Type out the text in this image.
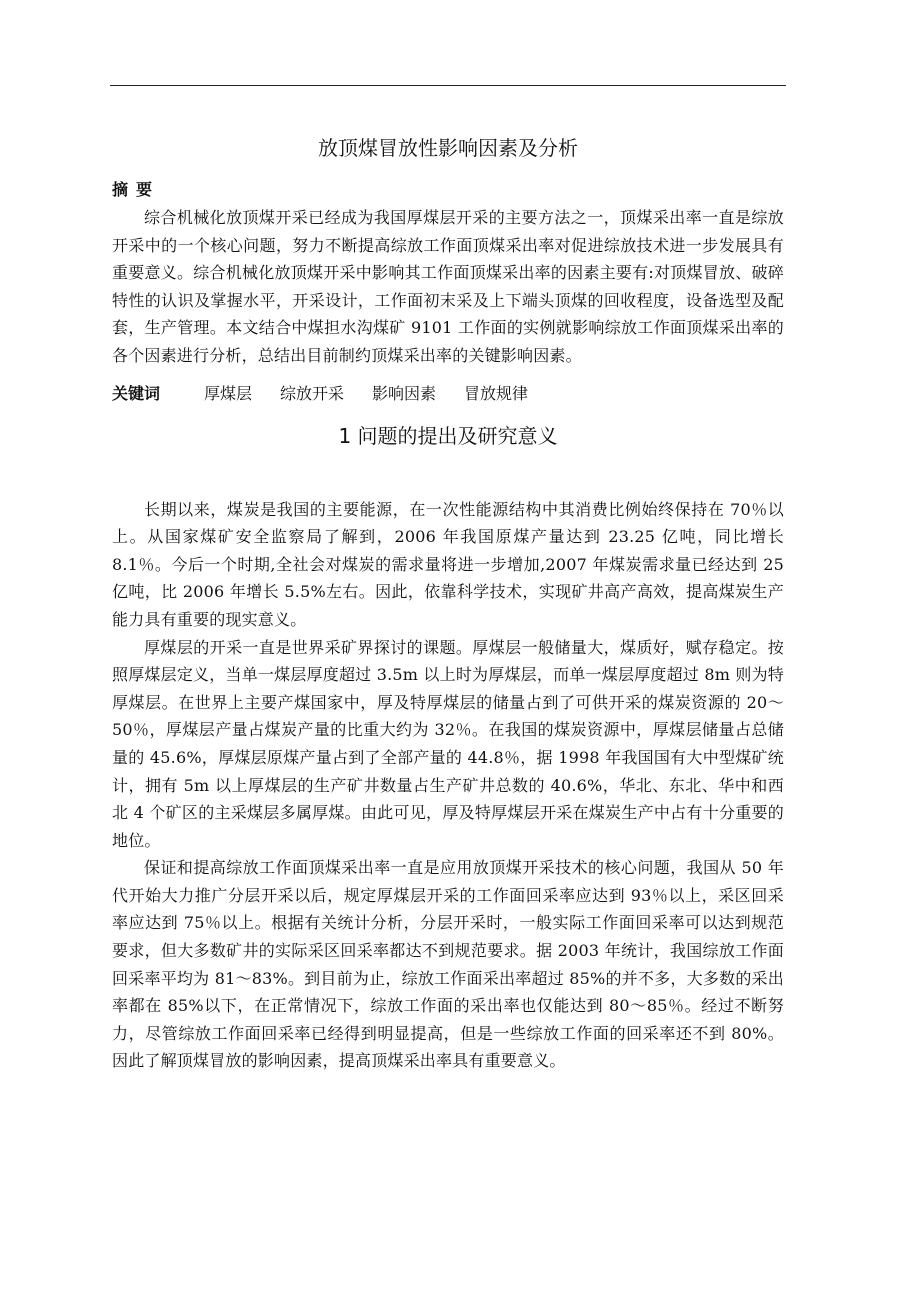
放顶煤冒放性影响因素及分析

摘要

综合机械化放顶煤开采已经成为我国厚煤层开采的主要方法之一，顶煤采出率一直是综放开采中的一个核心问题，努力不断提高综放工作面顶煤采出率对促进综放技术进一步发展具有重要意义。综合机械化放顶煤开采中影响其工作面顶煤采出率的因素主要有:对顶煤冒放、破碎特性的认识及掌握水平，开采设计，工作面初末采及上下端头顶煤的回收程度，设备选型及配套，生产管理。本文结合中煤担水沟煤矿 9101 工作面的实例就影响综放工作面顶煤采出率的各个因素进行分析，总结出目前制约顶煤采出率的关键影响因素。

关键词	厚煤层 综放开采 影响因素 冒放规律
1 问题的提出及研究意义

长期以来，煤炭是我国的主要能源，在一次性能源结构中其消费比例始终保持在 70％以上。从国家煤矿安全监察局了解到，2006 年我国原煤产量达到 23.25 亿吨，同比增长 8.1％。今后一个时期,全社会对煤炭的需求量将进一步增加,2007 年煤炭需求量已经达到 25 亿吨，比 2006 年增长 5.5%左右。因此，依靠科学技术，实现矿井高产高效，提高煤炭生产能力具有重要的现实意义。

厚煤层的开采一直是世界采矿界探讨的课题。厚煤层一般储量大，煤质好，赋存稳定。按照厚煤层定义，当单一煤层厚度超过 3.5m 以上时为厚煤层，而单一煤层厚度超过 8m 则为特厚煤层。在世界上主要产煤国家中，厚及特厚煤层的储量占到了可供开采的煤炭资源的 20～50％，厚煤层产量占煤炭产量的比重大约为 32％。在我国的煤炭资源中，厚煤层储量占总储量的 45.6%，厚煤层原煤产量占到了全部产量的 44.8％，据 1998 年我国国有大中型煤矿统计，拥有 5m 以上厚煤层的生产矿井数量占生产矿井总数的 40.6%，华北、东北、华中和西北 4 个矿区的主采煤层多属厚煤。由此可见，厚及特厚煤层开采在煤炭生产中占有十分重要的地位。

保证和提高综放工作面顶煤采出率一直是应用放顶煤开采技术的核心问题，我国从 50 年代开始大力推广分层开采以后，规定厚煤层开采的工作面回采率应达到 93％以上，采区回采率应达到 75％以上。根据有关统计分析，分层开采时，一般实际工作面回采率可以达到规范要求，但大多数矿井的实际采区回采率都达不到规范要求。据 2003 年统计，我国综放工作面回采率平均为 81～83%。到目前为止，综放工作面采出率超过 85%的并不多，大多数的采出率都在 85%以下，在正常情况下，综放工作面的采出率也仅能达到 80～85％。经过不断努力，尽管综放工作面回采率已经得到明显提高，但是一些综放工作面的回采率还不到 80%。因此了解顶煤冒放的影响因素，提高顶煤采出率具有重要意义。
